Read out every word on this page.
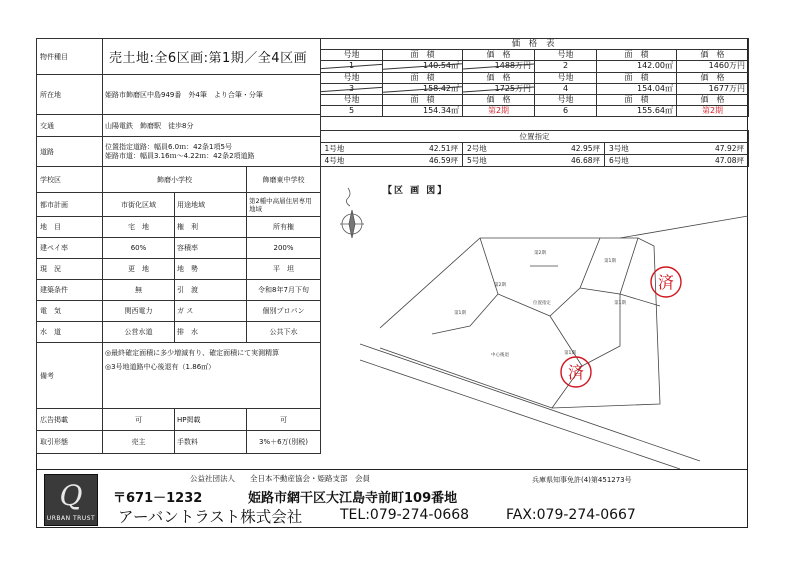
物件種目	売土地:全6区画:第1期／全4区画		
所在地	姫路市飾磨区中島949番　外4筆　より合筆・分筆		
交通	山陽電鉄　飾磨駅　徒歩8分		
道路	位置指定道路：幅員6.0ｍ：42条1項5号
姫路市道：幅員3.16ｍ～4.22ｍ：42条2項道路		

学校区	飾磨小学校		飾磨東中学校
都市計画	市街化区域	用途地域	第2種中高層住居専用地域
地　目	宅　地	権　利	所有権
建ペイ率	60%	容積率	200%
現　況	更　地	地　勢	平　坦
建築条件	無	引　渡	令和8年7月下旬
電　気	関西電力	ガ ス	個別プロパン
水　道	公営水道	排　水	公共下水
備考	◎最終確定面積に多少増減有り、確定面積にて実測精算
◎3号地道路中心後退有（1.86㎡）		

広告掲載	可	HP掲載	可
取引形態	売主	手数料	3%＋6万(別税)
価 格 表					
号地	面　積	価　格	号地	面　積	価　格
1	140.54㎡	1488万円	2	142.00㎡	1460万円
号地	面　積	価　格	号地	面　積	価　格
3	158.42㎡	1725万円	4	154.04㎡	1677万円
号地	面　積	価　格	号地	面　積	価　格
5	154.34㎡	第2期	6	155.64㎡	第2期
位置指定					
1号地	42.51坪	2号地	42.95坪	3号地	47.92坪
4号地	46.59坪	5号地	46.68坪	6号地	47.08坪
【区 画 図】
第2期
第2期
第1期
位置指定
第1期
第1期
第1期
中心後退
済
済
Q
URBAN TRUST
公益社団法人　　全日本不動産協会・姫路支部　会員	兵庫県知事免許(4)第451273号
〒671－1232	姫路市網干区大江島寺前町109番地
アーバントラスト株式会社	TEL:079-274-0668	FAX:079-274-0667
